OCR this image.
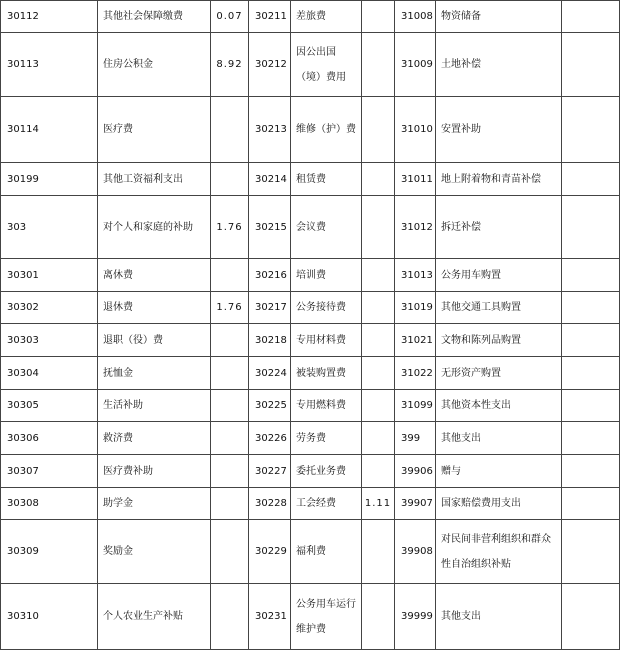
30112	其他社会保障缴费	0.07	30211	差旅费		31008	物资储备	
30113	住房公积金	8.92	30212	因公出国（境）费用		31009	土地补偿	
30114	医疗费		30213	维修（护）费		31010	安置补助	
30199	其他工资福利支出		30214	租赁费		31011	地上附着物和青苗补偿	
303	对个人和家庭的补助	1.76	30215	会议费		31012	拆迁补偿	
30301	离休费		30216	培训费		31013	公务用车购置	
30302	退休费	1.76	30217	公务接待费		31019	其他交通工具购置	
30303	退职（役）费		30218	专用材料费		31021	文物和陈列品购置	
30304	抚恤金		30224	被装购置费		31022	无形资产购置	
30305	生活补助		30225	专用燃料费		31099	其他资本性支出	
30306	救济费		30226	劳务费		399	其他支出	
30307	医疗费补助		30227	委托业务费		39906	赠与	
30308	助学金		30228	工会经费	1.11	39907	国家赔偿费用支出	
30309	奖励金		30229	福利费		39908	对民间非营利组织和群众性自治组织补贴	
30310	个人农业生产补贴		30231	公务用车运行维护费		39999	其他支出	
